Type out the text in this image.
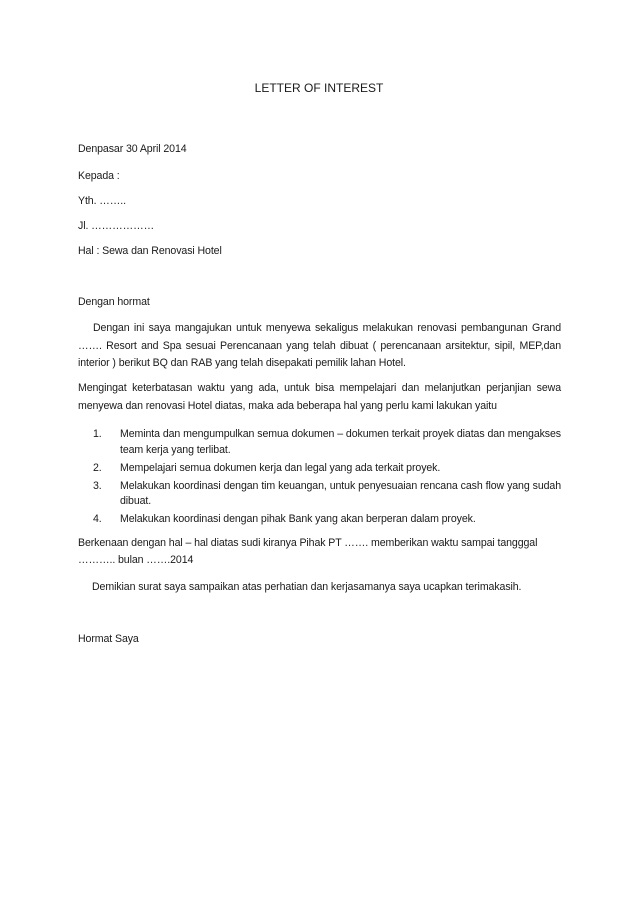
LETTER OF INTEREST
Denpasar 30 April 2014
Kepada :
Yth. ……..
Jl. ………………
Hal : Sewa dan Renovasi Hotel
Dengan hormat
Dengan ini saya mangajukan untuk menyewa sekaligus melakukan renovasi pembangunan Grand ……. Resort and Spa sesuai Perencanaan yang telah dibuat ( perencanaan arsitektur, sipil, MEP,dan interior ) berikut BQ dan RAB yang telah disepakati pemilik lahan Hotel.
Mengingat keterbatasan waktu yang ada, untuk bisa mempelajari dan melanjutkan perjanjian sewa menyewa dan renovasi Hotel diatas, maka ada beberapa hal yang perlu kami lakukan yaitu
1.	Meminta dan mengumpulkan semua dokumen – dokumen terkait proyek diatas dan mengakses team kerja yang terlibat.
2.	Mempelajari semua dokumen kerja dan legal yang ada terkait proyek.
3.	Melakukan koordinasi dengan tim keuangan, untuk penyesuaian rencana cash flow yang sudah dibuat.
4.	Melakukan koordinasi dengan pihak Bank yang akan berperan dalam proyek.
Berkenaan dengan hal – hal diatas sudi kiranya Pihak PT ……. memberikan waktu sampai tangggal
……….. bulan …….2014
Demikian surat saya sampaikan atas perhatian dan kerjasamanya saya ucapkan terimakasih.
Hormat Saya
